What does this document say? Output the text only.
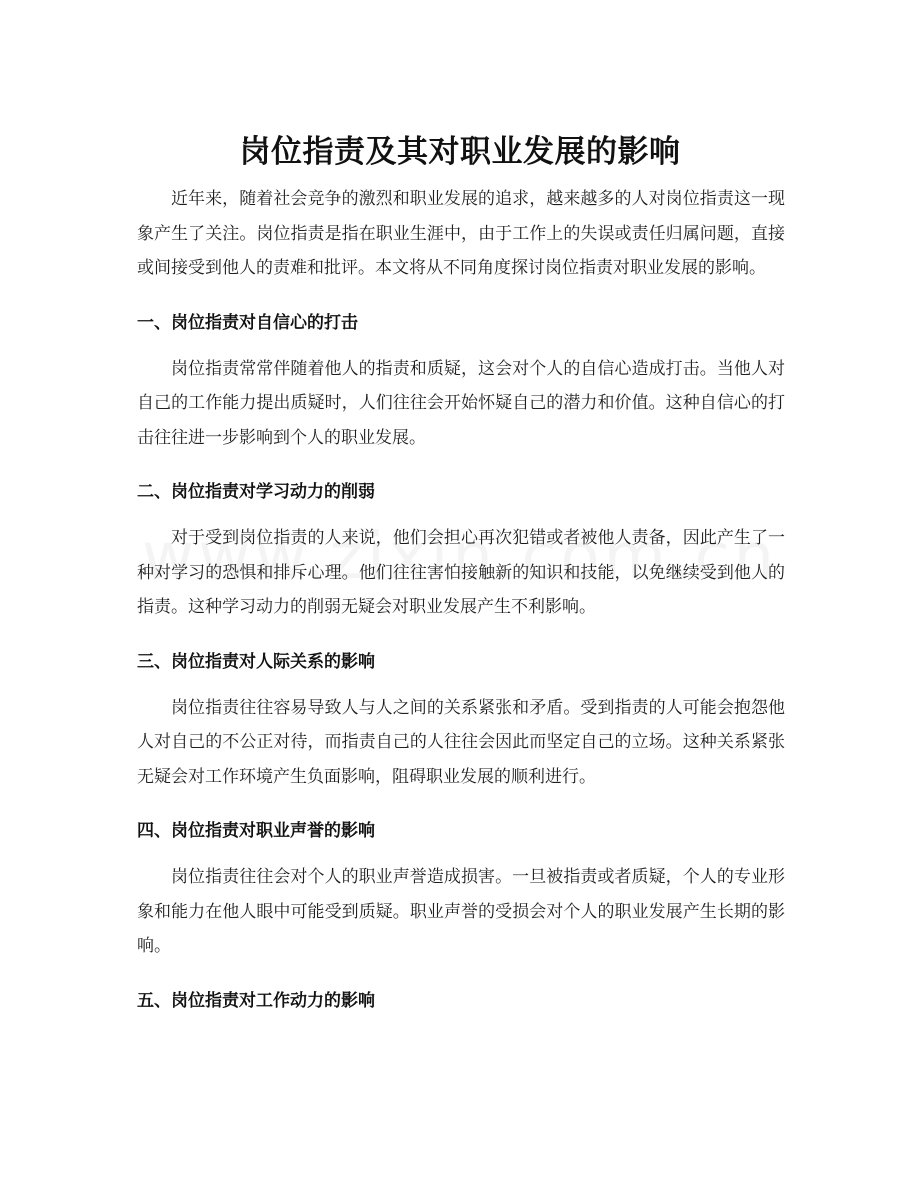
岗位指责及其对职业发展的影响

近年来，随着社会竞争的激烈和职业发展的追求，越来越多的人对岗位指责这一现象产生了关注。岗位指责是指在职业生涯中，由于工作上的失误或责任归属问题，直接或间接受到他人的责难和批评。本文将从不同角度探讨岗位指责对职业发展的影响。

一、岗位指责对自信心的打击

岗位指责常常伴随着他人的指责和质疑，这会对个人的自信心造成打击。当他人对自己的工作能力提出质疑时，人们往往会开始怀疑自己的潜力和价值。这种自信心的打击往往进一步影响到个人的职业发展。

二、岗位指责对学习动力的削弱

对于受到岗位指责的人来说，他们会担心再次犯错或者被他人责备，因此产生了一种对学习的恐惧和排斥心理。他们往往害怕接触新的知识和技能，以免继续受到他人的指责。这种学习动力的削弱无疑会对职业发展产生不利影响。

三、岗位指责对人际关系的影响

岗位指责往往容易导致人与人之间的关系紧张和矛盾。受到指责的人可能会抱怨他人对自己的不公正对待，而指责自己的人往往会因此而坚定自己的立场。这种关系紧张无疑会对工作环境产生负面影响，阻碍职业发展的顺利进行。

四、岗位指责对职业声誉的影响

岗位指责往往会对个人的职业声誉造成损害。一旦被指责或者质疑，个人的专业形象和能力在他人眼中可能受到质疑。职业声誉的受损会对个人的职业发展产生长期的影响。

五、岗位指责对工作动力的影响
